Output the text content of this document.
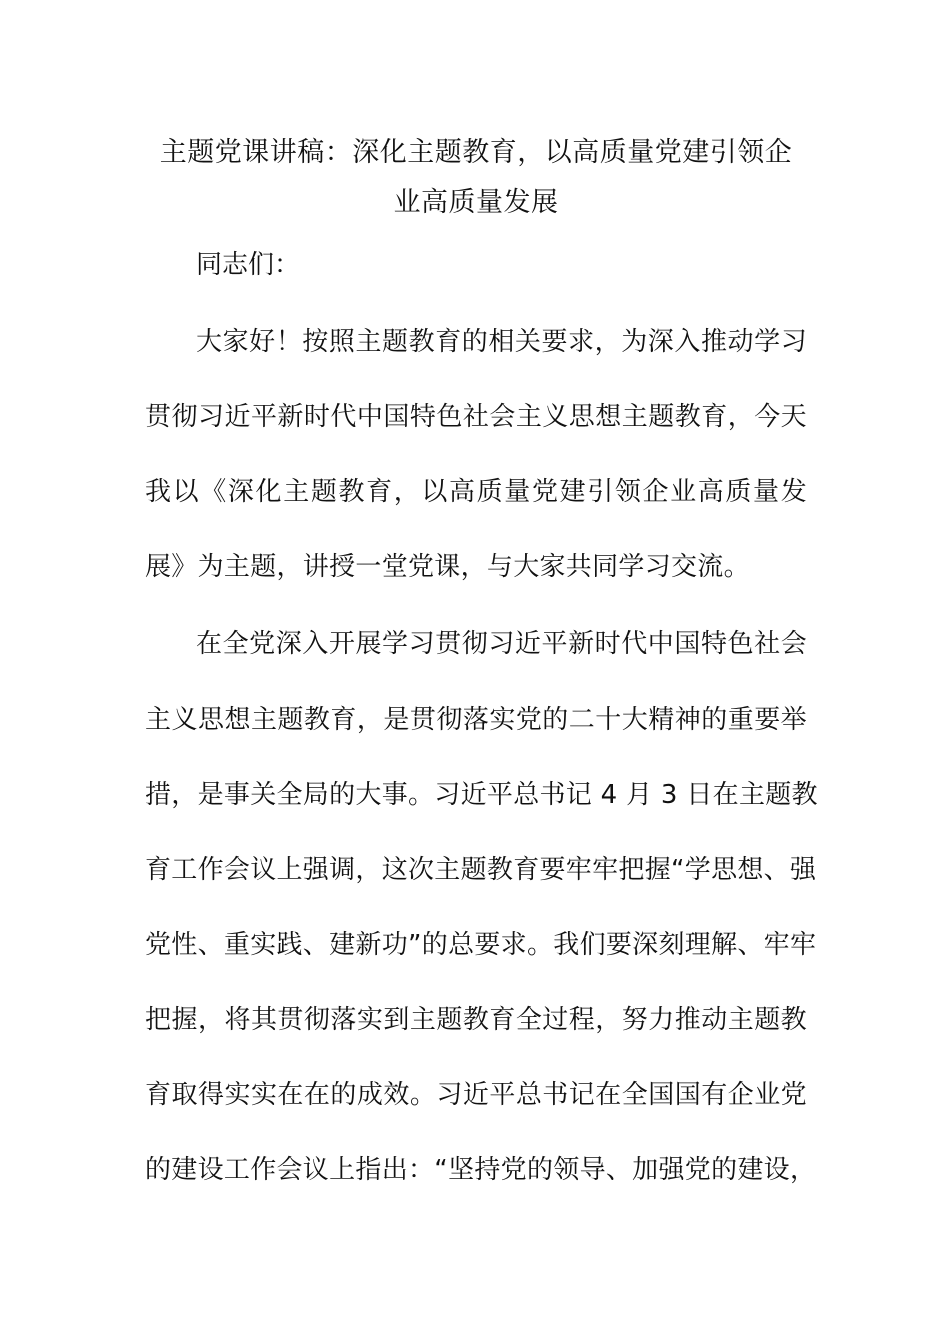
主题党课讲稿：深化主题教育，以高质量党建引领企
业高质量发展

同志们：

大家好！按照主题教育的相关要求，为深入推动学习

贯彻习近平新时代中国特色社会主义思想主题教育，今天

我以《深化主题教育，以高质量党建引领企业高质量发

展》为主题，讲授一堂党课，与大家共同学习交流。

在全党深入开展学习贯彻习近平新时代中国特色社会

主义思想主题教育，是贯彻落实党的二十大精神的重要举

措，是事关全局的大事。习近平总书记 4 月 3 日在主题教

育工作会议上强调，这次主题教育要牢牢把握“学思想、强

党性、重实践、建新功”的总要求。我们要深刻理解、牢牢

把握，将其贯彻落实到主题教育全过程，努力推动主题教

育取得实实在在的成效。习近平总书记在全国国有企业党

的建设工作会议上指出：“坚持党的领导、加强党的建设，
